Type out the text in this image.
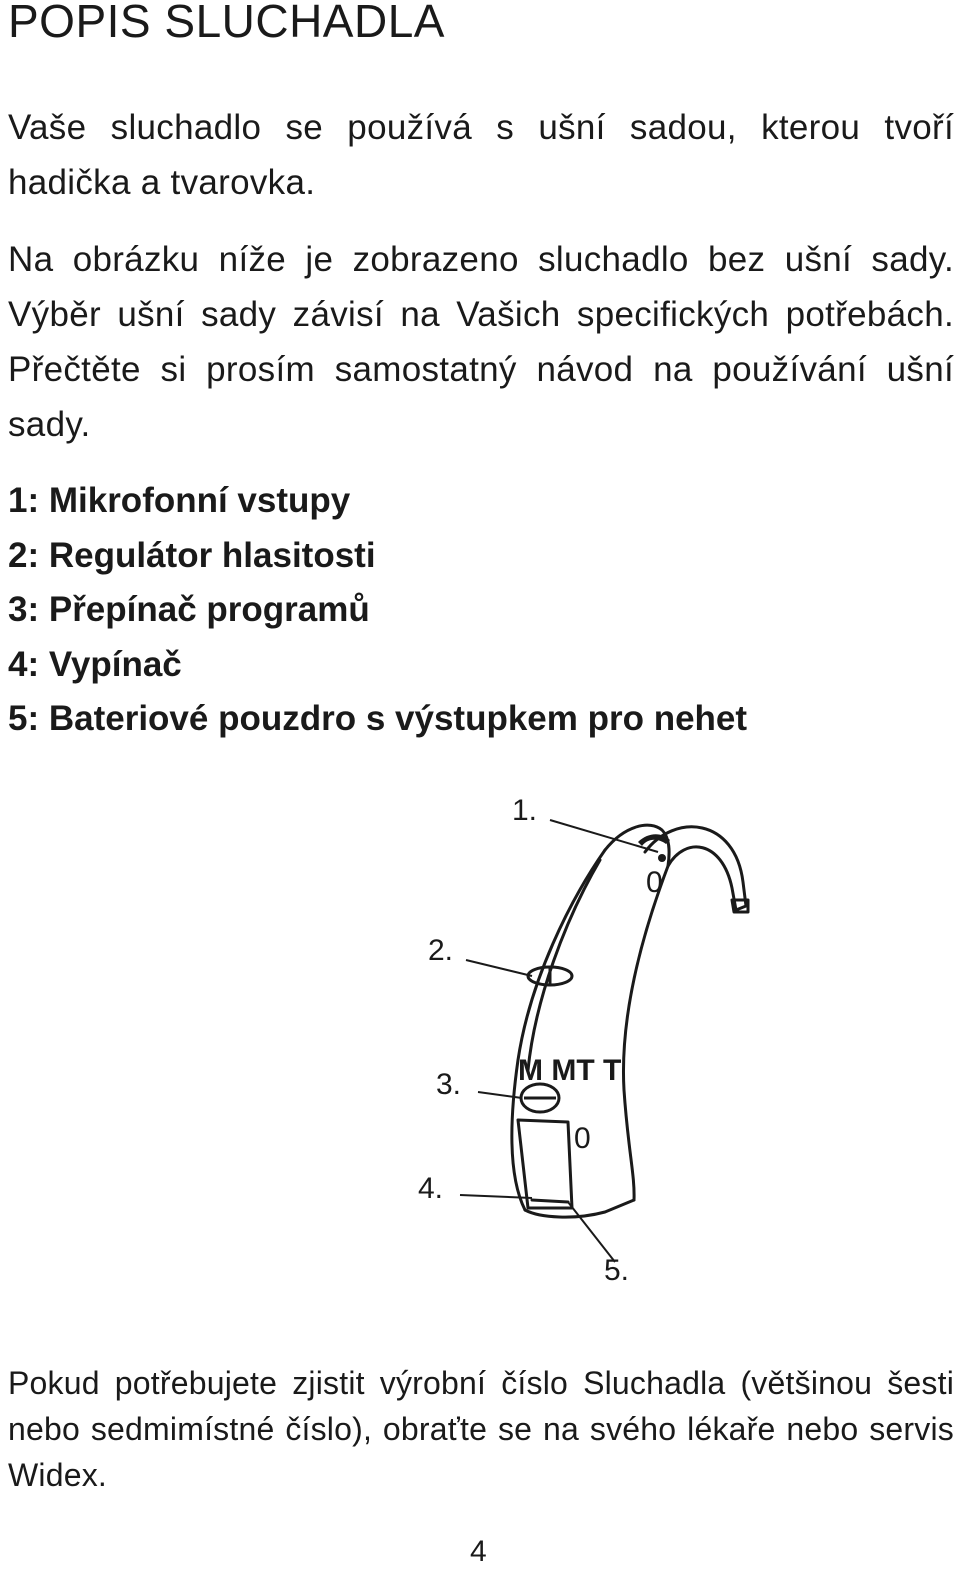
POPIS SLUCHADLA

Vaše sluchadlo se používá s ušní sadou, kterou tvoří hadička a tvarovka.

Na obrázku níže je zobrazeno sluchadlo bez ušní sady. Výběr ušní sady závisí na Vašich specifických potřebách. Přečtěte si prosím samostatný návod na používání ušní sady.

1: Mikrofonní vstupy
2: Regulátor hlasitosti
3: Přepínač programů
4: Vypínač
5: Bateriové pouzdro s výstupkem pro nehet
M MT T
0
0
1.
2.
3.
4.
5.

Pokud potřebujete zjistit výrobní číslo Sluchadla (většinou šesti nebo sedmimístné číslo), obraťte se na svého lékaře nebo servis Widex.

4
